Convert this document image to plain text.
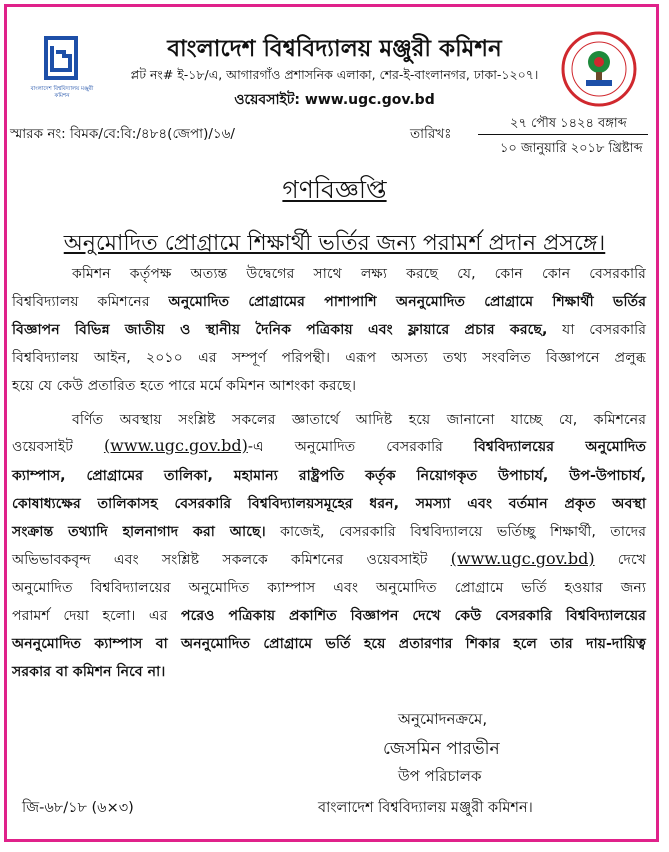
বাংলাদেশ বিশ্ববিদ্যালয় মঞ্জুরী কমিশন
বাংলাদেশ বিশ্ববিদ্যালয় মঞ্জুরী কমিশন
প্লট নং# ই-১৮/এ, আগারগাঁও প্রশাসনিক এলাকা, শের-ই-বাংলানগর, ঢাকা-১২০৭।
ওয়েবসাইট: www.ugc.gov.bd
স্মারক নং: বিমক/বে:বি:/৪৮৪(জেপা)/১৬/	তারিখঃ
২৭ পৌষ ১৪২৪ বঙ্গাব্দ
১০ জানুয়ারি ২০১৮ খ্রিষ্টাব্দ
গণবিজ্ঞপ্তি
অনুমোদিত প্রোগ্রামে শিক্ষার্থী ভর্তির জন্য পরামর্শ প্রদান প্রসঙ্গে।
কমিশন কর্তৃপক্ষ অত্যন্ত উদ্বেগের সাথে লক্ষ্য করছে যে, কোন কোন বেসরকারি
বিশ্ববিদ্যালয় কমিশনের অনুমোদিত প্রোগ্রামের পাশাপাশি অননুমোদিত প্রোগ্রামে শিক্ষার্থী ভর্তির
বিজ্ঞাপন বিভিন্ন জাতীয় ও স্থানীয় দৈনিক পত্রিকায় এবং ফ্লায়ারে প্রচার করছে, যা বেসরকারি
বিশ্ববিদ্যালয় আইন, ২০১০ এর সম্পূর্ণ পরিপন্থী। এরূপ অসত্য তথ্য সংবলিত বিজ্ঞাপনে প্রলুব্ধ
হয়ে যে কেউ প্রতারিত হতে পারে মর্মে কমিশন আশংকা করছে।
বর্ণিত অবস্থায় সংশ্লিষ্ট সকলের জ্ঞাতার্থে আদিষ্ট হয়ে জানানো যাচ্ছে যে, কমিশনের
ওয়েবসাইট (www.ugc.gov.bd)-এ অনুমোদিত বেসরকারি বিশ্ববিদ্যালয়ের অনুমোদিত
ক্যাম্পাস, প্রোগ্রামের তালিকা, মহামান্য রাষ্ট্রপতি কর্তৃক নিয়োগকৃত উপাচার্য, উপ-উপাচার্য,
কোষাধ্যক্ষের তালিকাসহ বেসরকারি বিশ্ববিদ্যালয়সমূহের ধরন, সমস্যা এবং বর্তমান প্রকৃত অবস্থা
সংক্রান্ত তথ্যাদি হালনাগাদ করা আছে। কাজেই, বেসরকারি বিশ্ববিদ্যালয়ে ভর্তিচ্ছু শিক্ষার্থী, তাদের
অভিভাবকবৃন্দ এবং সংশ্লিষ্ট সকলকে কমিশনের ওয়েবসাইট (www.ugc.gov.bd) দেখে
অনুমোদিত বিশ্ববিদ্যালয়ের অনুমোদিত ক্যাম্পাস এবং অনুমোদিত প্রোগ্রামে ভর্তি হওয়ার জন্য
পরামর্শ দেয়া হলো। এর পরেও পত্রিকায় প্রকাশিত বিজ্ঞাপন দেখে কেউ বেসরকারি বিশ্ববিদ্যালয়ের
অননুমোদিত ক্যাম্পাস বা অননুমোদিত প্রোগ্রামে ভর্তি হয়ে প্রতারণার শিকার হলে তার দায়-দায়িত্ব
সরকার বা কমিশন নিবে না।
অনুমোদনক্রমে,
জেসমিন পারভীন
উপ পরিচালক
বাংলাদেশ বিশ্ববিদ্যালয় মঞ্জুরী কমিশন।
জি-৬৮/১৮ (৬×৩)
